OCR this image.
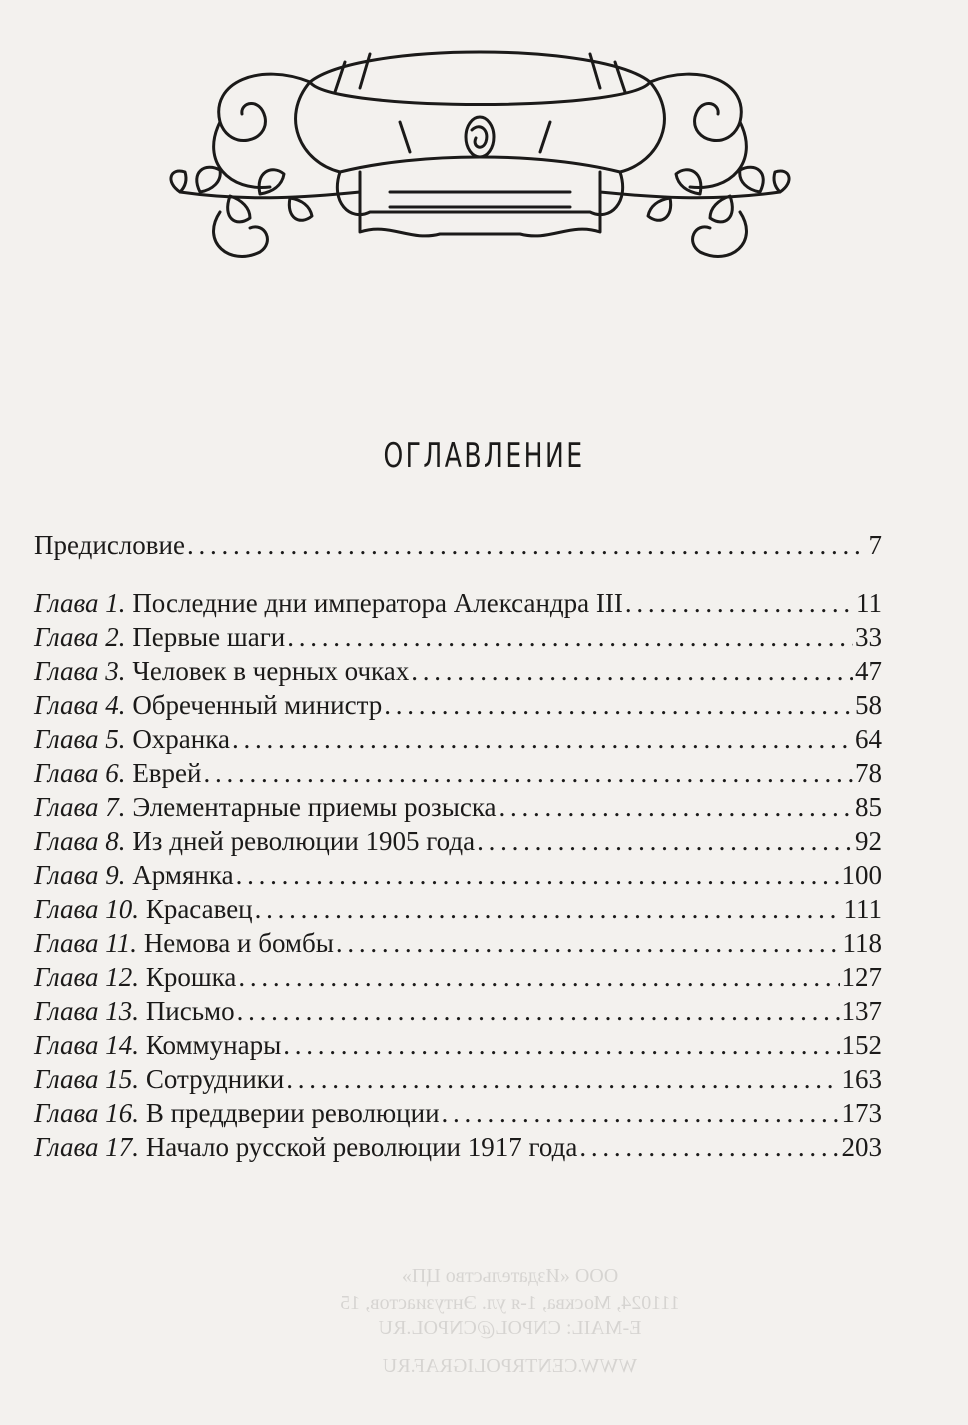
ОГЛАВЛЕНИЕ
ООО «Издательство ЦП»
111024, Москва, 1-я ул. Энтузиастов, 15
E-MAIL: CNPOL@CNPOL.RU
WWW.CENTRPOLIGRAF.RU
Предисловие . . .	7
Глава 1. Последние дни императора Александра III . . .	11
Глава 2. Первые шаги . . .	33
Глава 3. Человек в черных очках . . .	47
Глава 4. Обреченный министр . . .	58
Глава 5. Охранка . . .	64
Глава 6. Еврей . . .	78
Глава 7. Элементарные приемы розыска . . .	85
Глава 8. Из дней революции 1905 года . . .	92
Глава 9. Армянка . . .	100
Глава 10. Красавец . . .	111
Глава 11. Немова и бомбы . . .	118
Глава 12. Крошка . . .	127
Глава 13. Письмо . . .	137
Глава 14. Коммунары . . .	152
Глава 15. Сотрудники . . .	163
Глава 16. В преддверии революции . . .	173
Глава 17. Начало русской революции 1917 года . . .	203
